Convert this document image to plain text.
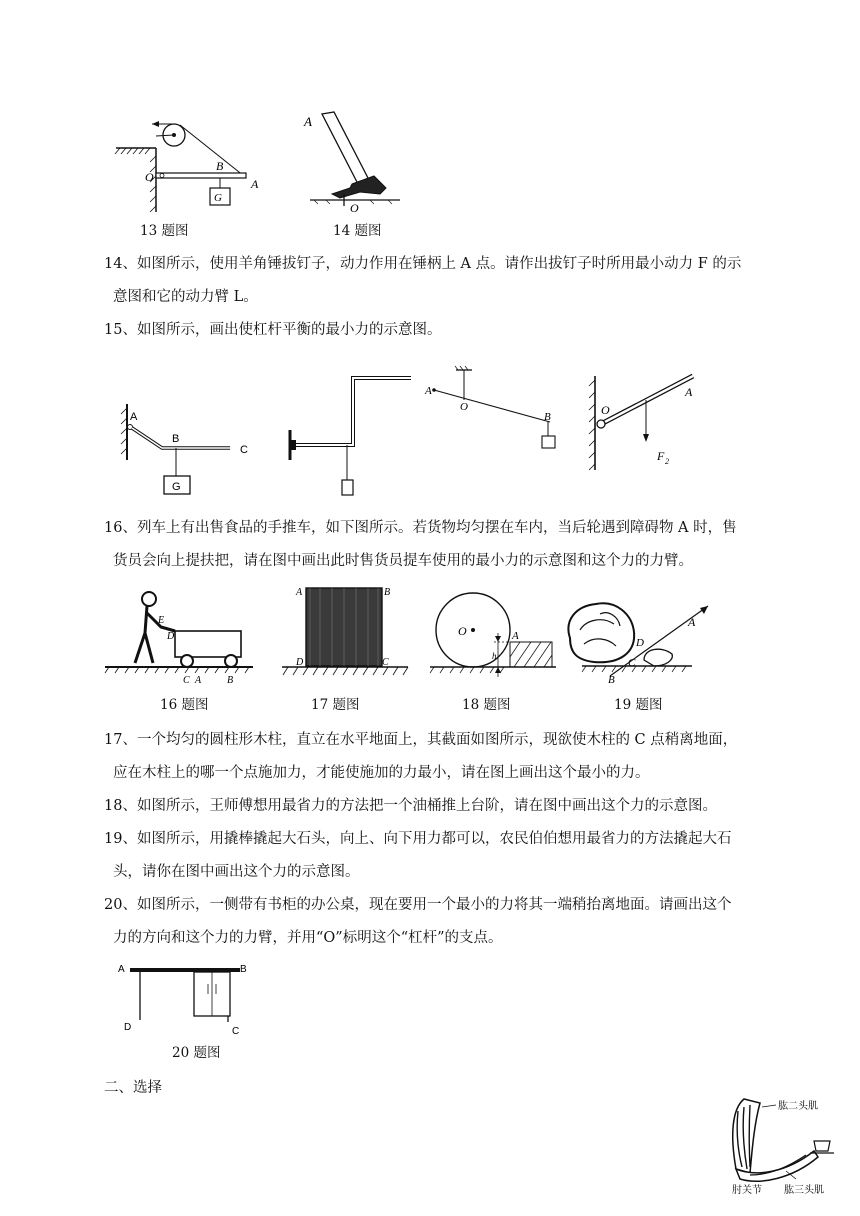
O
B
A
G
13 题图
A
O
14 题图
14、如图所示，使用羊角锤拔钉子，动力作用在锤柄上 A 点。请作出拔钉子时所用最小动力 F 的示
意图和它的动力臂 L。
15、如图所示，画出使杠杆平衡的最小力的示意图。
A
B
C
G
A
O
B	O
A
F 2
16、列车上有出售食品的手推车，如下图所示。若货物均匀摆在车内，当后轮遇到障碍物 A 时，售
货员会向上提扶把，请在图中画出此时售货员提车使用的最小力的示意图和这个力的力臂。
E
D
C A	B
16 题图
A	B
C
D
17 题图
O	A
h
18 题图
A
B
C
D
19 题图
17、一个均匀的圆柱形木柱，直立在水平地面上，其截面如图所示，现欲使木柱的 C 点稍离地面，
应在木柱上的哪一个点施加力，才能使施加的力最小，请在图上画出这个最小的力。
18、如图所示，王师傅想用最省力的方法把一个油桶推上台阶，请在图中画出这个力的示意图。
19、如图所示，用撬棒撬起大石头，向上、向下用力都可以，农民伯伯想用最省力的方法撬起大石
头，请你在图中画出这个力的示意图。
20、如图所示，一侧带有书柜的办公桌，现在要用一个最小的力将其一端稍抬离地面。请画出这个
力的方向和这个力的力臂，并用“O”标明这个“杠杆”的支点。
A	B
C
D
20 题图
二、选择
肱二头肌
肘关节 肱三头肌
